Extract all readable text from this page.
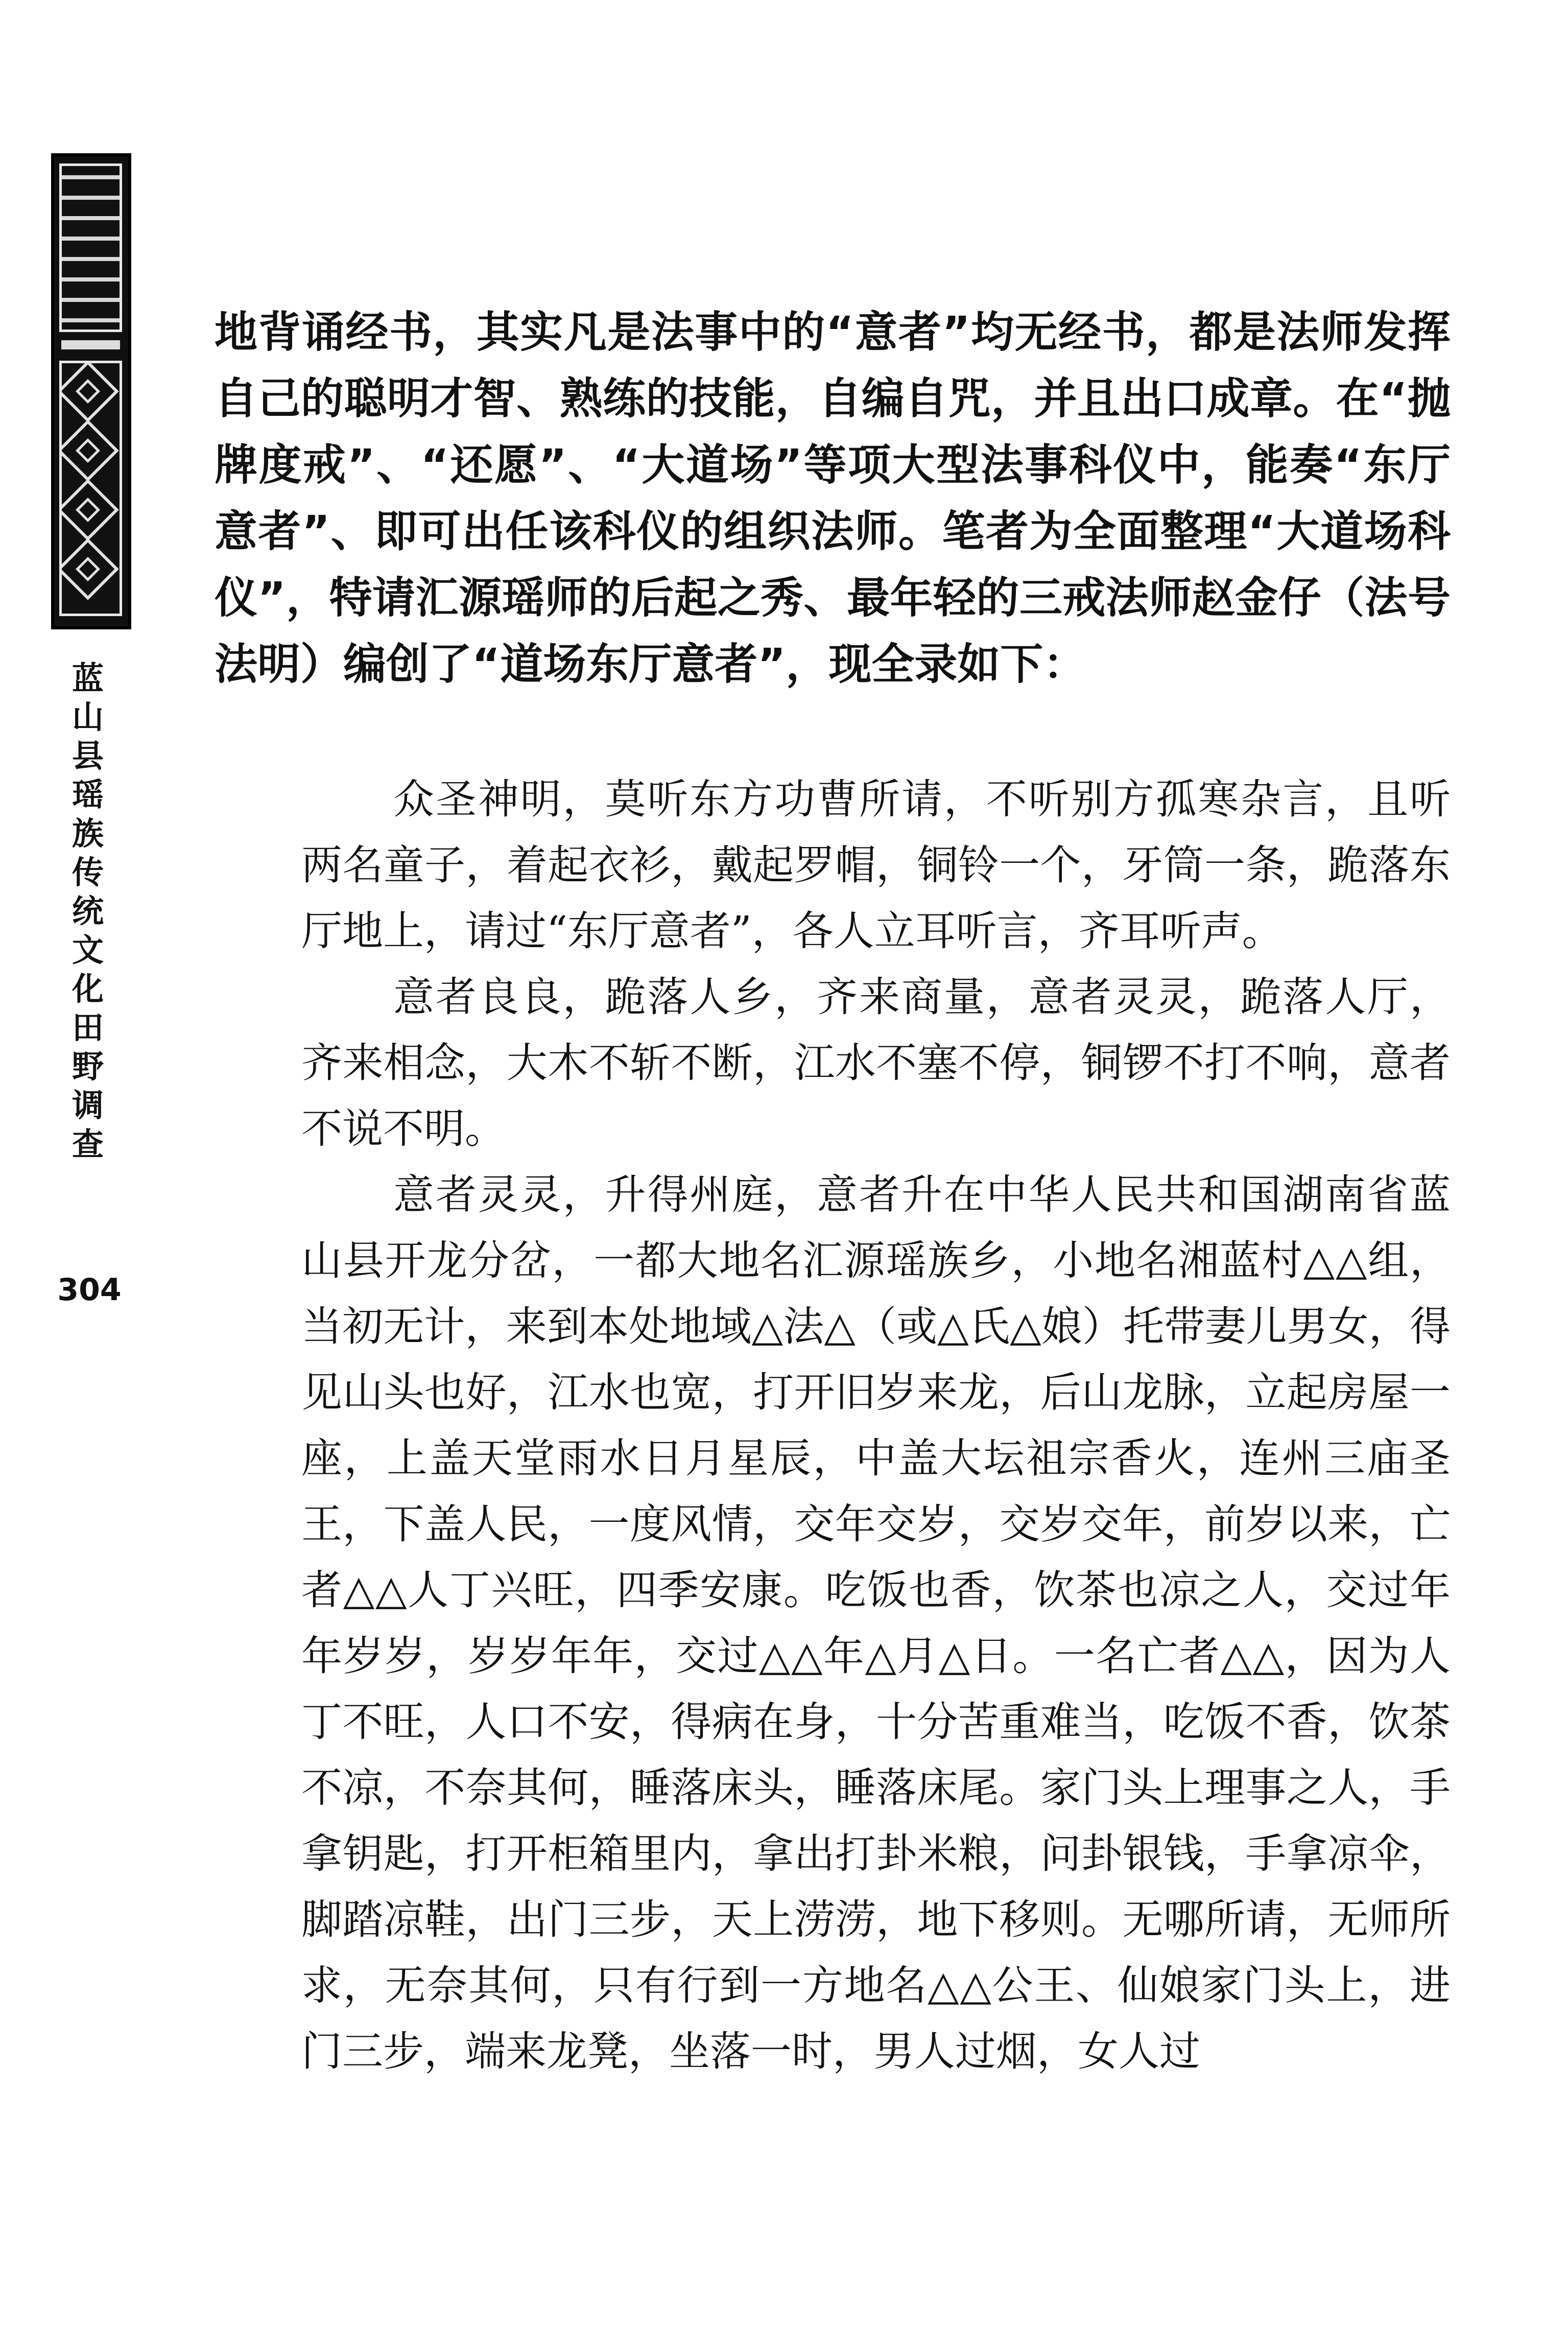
蓝山县瑶族传统文化田野调查
304

地背诵经书，其实凡是法事中的“意者”均无经书，都是法师发挥自己的聪明才智、熟练的技能，自编自咒，并且出口成章。在“抛牌度戒”、“还愿”、“大道场”等项大型法事科仪中，能奏“东厅意者”、即可出任该科仪的组织法师。笔者为全面整理“大道场科仪”，特请汇源瑶师的后起之秀、最年轻的三戒法师赵金仔（法号法明）编创了“道场东厅意者”，现全录如下：

众圣神明，莫听东方功曹所请，不听别方孤寒杂言，且听两名童子，着起衣衫，戴起罗帽，铜铃一个，牙筒一条，跪落东厅地上，请过“东厅意者”，各人立耳听言，齐耳听声。

意者良良，跪落人乡，齐来商量，意者灵灵，跪落人厅，齐来相念，大木不斩不断，江水不塞不停，铜锣不打不响，意者不说不明。

意者灵灵，升得州庭，意者升在中华人民共和国湖南省蓝山县开龙分岔，一都大地名汇源瑶族乡，小地名湘蓝村△△组，当初无计，来到本处地域△法△（或△氏△娘）托带妻儿男女，得见山头也好，江水也宽，打开旧岁来龙，后山龙脉，立起房屋一座，上盖天堂雨水日月星辰，中盖大坛祖宗香火，连州三庙圣王，下盖人民，一度风情，交年交岁，交岁交年，前岁以来，亡者△△人丁兴旺，四季安康。吃饭也香，饮茶也凉之人，交过年年岁岁，岁岁年年，交过△△年△月△日。一名亡者△△，因为人丁不旺，人口不安，得病在身，十分苦重难当，吃饭不香，饮茶不凉，不奈其何，睡落床头，睡落床尾。家门头上理事之人，手拿钥匙，打开柜箱里内，拿出打卦米粮，问卦银钱，手拿凉伞，脚踏凉鞋，出门三步，天上涝涝，地下移则。无哪所请，无师所求，无奈其何，只有行到一方地名△△公王、仙娘家门头上，进门三步，端来龙凳，坐落一时，男人过烟，女人过
